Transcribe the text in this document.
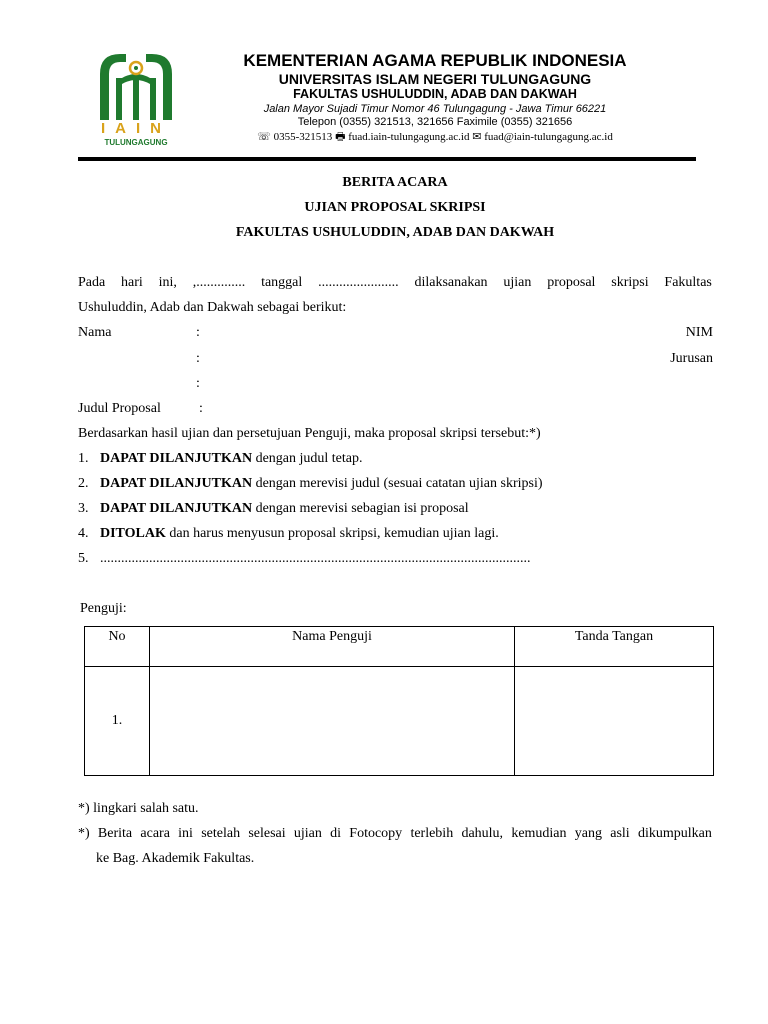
IAIN
TULUNGAGUNG
KEMENTERIAN AGAMA REPUBLIK INDONESIA
UNIVERSITAS ISLAM NEGERI TULUNGAGUNG
FAKULTAS USHULUDDIN, ADAB DAN DAKWAH
Jalan Mayor Sujadi Timur Nomor 46 Tulungagung - Jawa Timur 66221
Telepon (0355) 321513, 321656 Faximile (0355) 321656
☏ 0355-321513 🖶 fuad.iain-tulungagung.ac.id ✉ fuad@iain-tulungagung.ac.id
BERITA ACARA
UJIAN PROPOSAL SKRIPSI
FAKULTAS USHULUDDIN, ADAB DAN DAKWAH
Pada hari ini, ,.............. tanggal ....................... dilaksanakan ujian proposal skripsi Fakultas
Ushuluddin, Adab dan Dakwah sebagai berikut:
Nama	:	NIM
:	Jurusan
:
Judul Proposal	:
Berdasarkan hasil ujian dan persetujuan Penguji, maka proposal skripsi tersebut:*)
1. DAPAT DILANJUTKAN dengan judul tetap.
2. DAPAT DILANJUTKAN dengan merevisi judul (sesuai catatan ujian skripsi)
3. DAPAT DILANJUTKAN dengan merevisi sebagian isi proposal
4. DITOLAK dan harus menyusun proposal skripsi, kemudian ujian lagi.
5. ...........................................................................................................................
Penguji:
No	Nama Penguji	Tanda Tangan
1.		
*) lingkari salah satu.
*) Berita acara ini setelah selesai ujian di Fotocopy terlebih dahulu, kemudian yang asli dikumpulkan
ke Bag. Akademik Fakultas.
